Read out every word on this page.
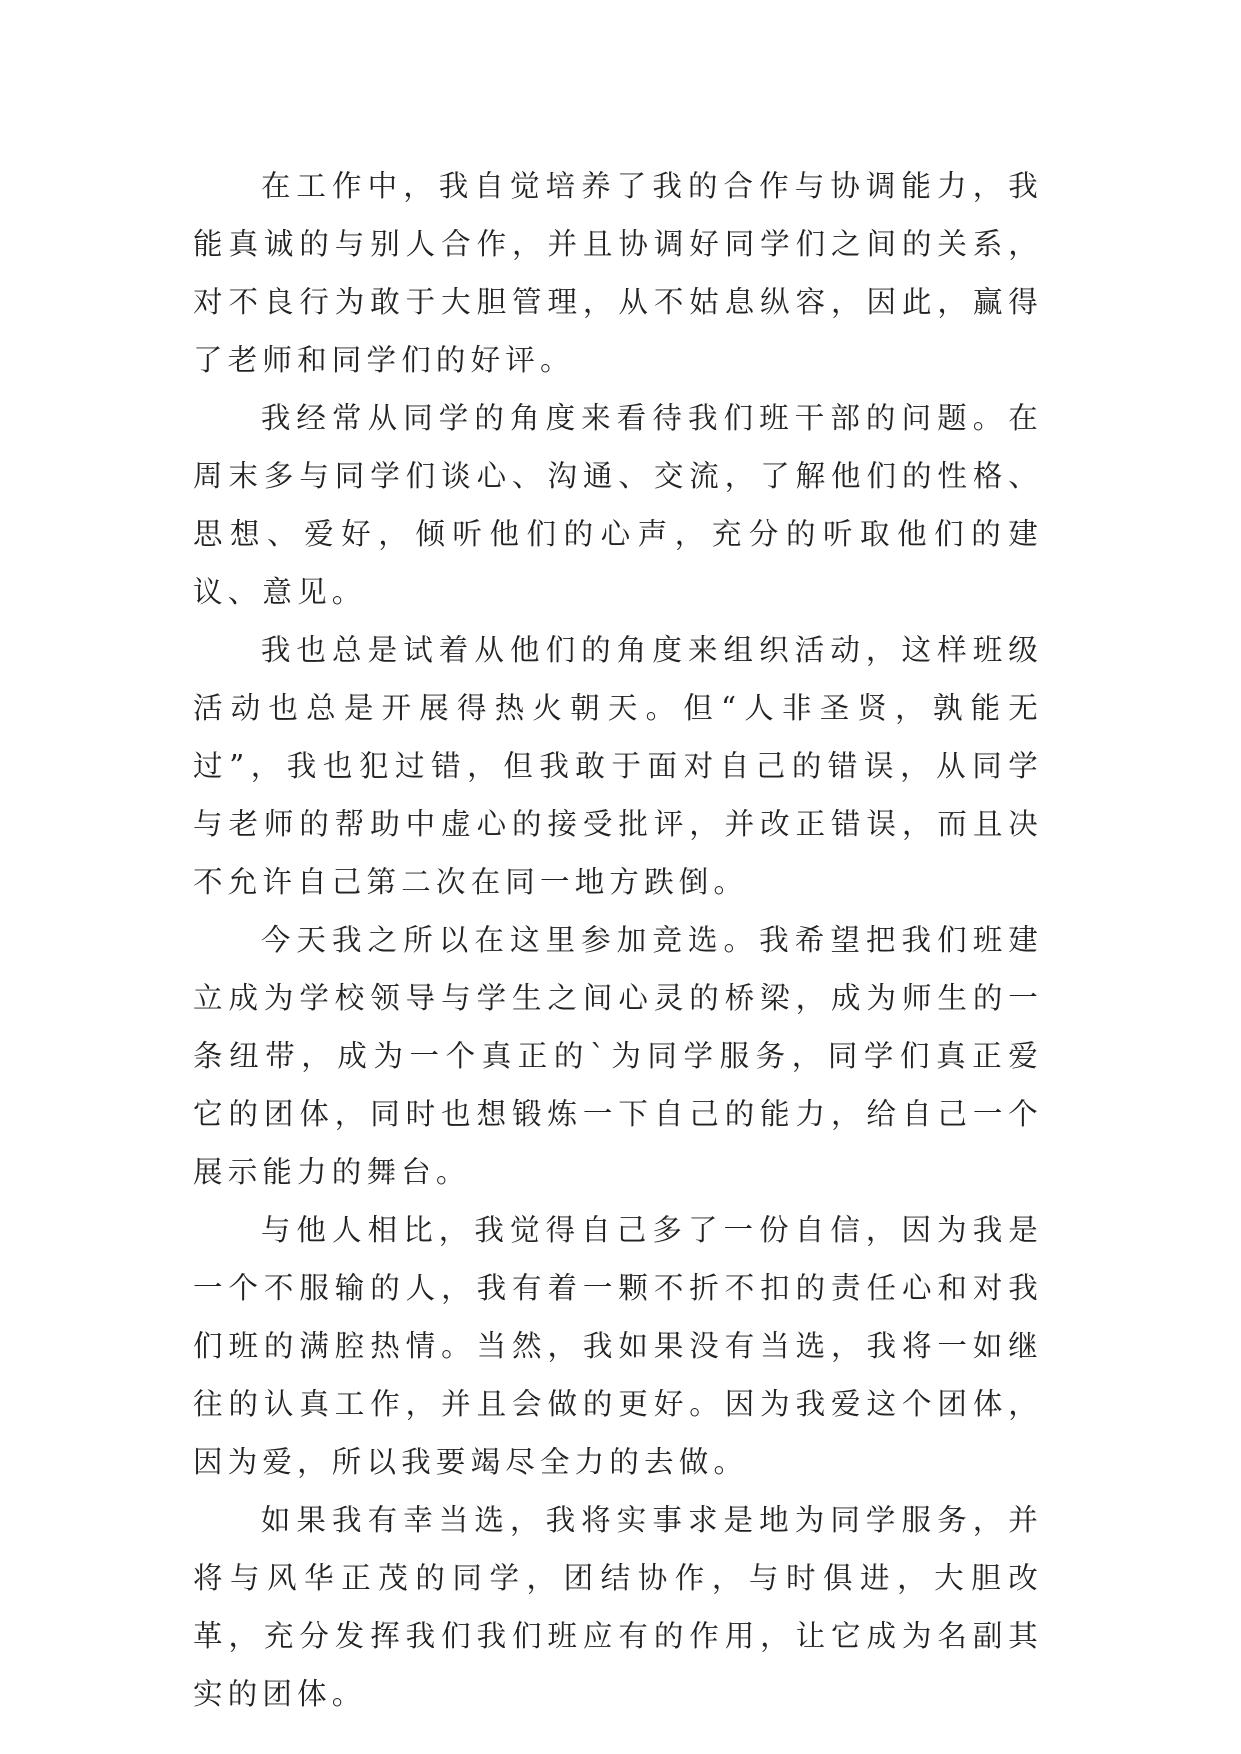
在工作中，我自觉培养了我的合作与协调能力，我能真诚的与别人合作，并且协调好同学们之间的关系，对不良行为敢于大胆管理，从不姑息纵容，因此，赢得了老师和同学们的好评。

我经常从同学的角度来看待我们班干部的问题。在周末多与同学们谈心、沟通、交流，了解他们的性格、思想、爱好，倾听他们的心声，充分的听取他们的建议、意见。

我也总是试着从他们的角度来组织活动，这样班级活动也总是开展得热火朝天。但“人非圣贤，孰能无过”，我也犯过错，但我敢于面对自己的错误，从同学与老师的帮助中虚心的接受批评，并改正错误，而且决不允许自己第二次在同一地方跌倒。

今天我之所以在这里参加竞选。我希望把我们班建立成为学校领导与学生之间心灵的桥梁，成为师生的一条纽带，成为一个真正的`为同学服务，同学们真正爱它的团体，同时也想锻炼一下自己的能力，给自己一个展示能力的舞台。

与他人相比，我觉得自己多了一份自信，因为我是一个不服输的人，我有着一颗不折不扣的责任心和对我们班的满腔热情。当然，我如果没有当选，我将一如继往的认真工作，并且会做的更好。因为我爱这个团体，因为爱，所以我要竭尽全力的去做。

如果我有幸当选，我将实事求是地为同学服务，并将与风华正茂的同学，团结协作，与时俱进，大胆改革，充分发挥我们我们班应有的作用，让它成为名副其实的团体。
